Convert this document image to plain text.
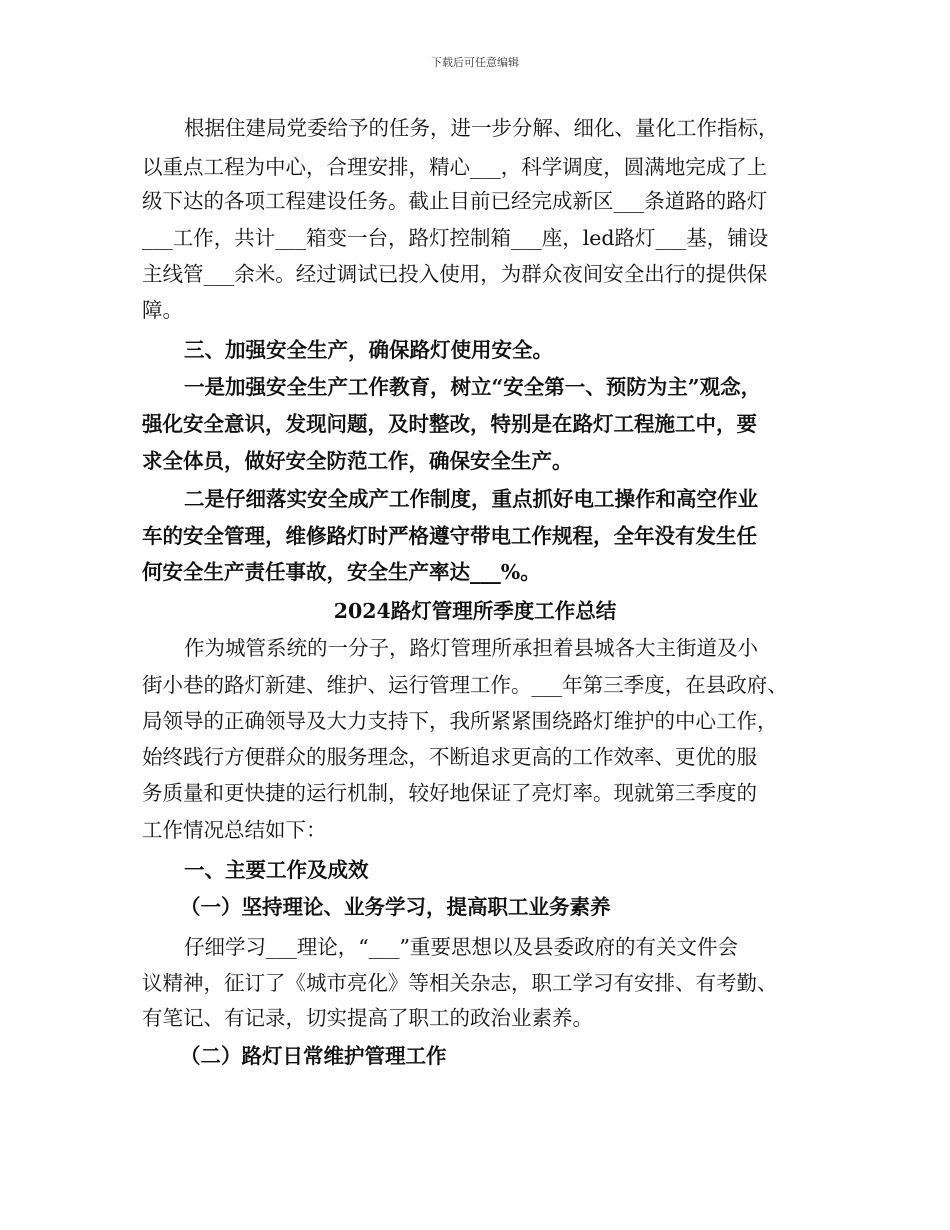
下载后可任意编辑
根据住建局党委给予的任务，进一步分解、细化、量化工作指标，
以重点工程为中心，合理安排，精心___，科学调度，圆满地完成了上
级下达的各项工程建设任务。截止目前已经完成新区___条道路的路灯
___工作，共计___箱变一台，路灯控制箱___座，led路灯___基，铺设
主线管___余米。经过调试已投入使用，为群众夜间安全出行的提供保
障。
三、加强安全生产，确保路灯使用安全。
一是加强安全生产工作教育，树立“安全第一、预防为主”观念，
强化安全意识，发现问题，及时整改，特别是在路灯工程施工中，要
求全体员，做好安全防范工作，确保安全生产。
二是仔细落实安全成产工作制度，重点抓好电工操作和高空作业
车的安全管理，维修路灯时严格遵守带电工作规程，全年没有发生任
何安全生产责任事故，安全生产率达___%。
2024路灯管理所季度工作总结
作为城管系统的一分子，路灯管理所承担着县城各大主街道及小
街小巷的路灯新建、维护、运行管理工作。___年第三季度，在县政府、
局领导的正确领导及大力支持下，我所紧紧围绕路灯维护的中心工作，
始终践行方便群众的服务理念，不断追求更高的工作效率、更优的服
务质量和更快捷的运行机制，较好地保证了亮灯率。现就第三季度的
工作情况总结如下：
一、主要工作及成效
（一）坚持理论、业务学习，提高职工业务素养
仔细学习___理论，“___”重要思想以及县委政府的有关文件会
议精神，征订了《城市亮化》等相关杂志，职工学习有安排、有考勤、
有笔记、有记录，切实提高了职工的政治业素养。
（二）路灯日常维护管理工作
